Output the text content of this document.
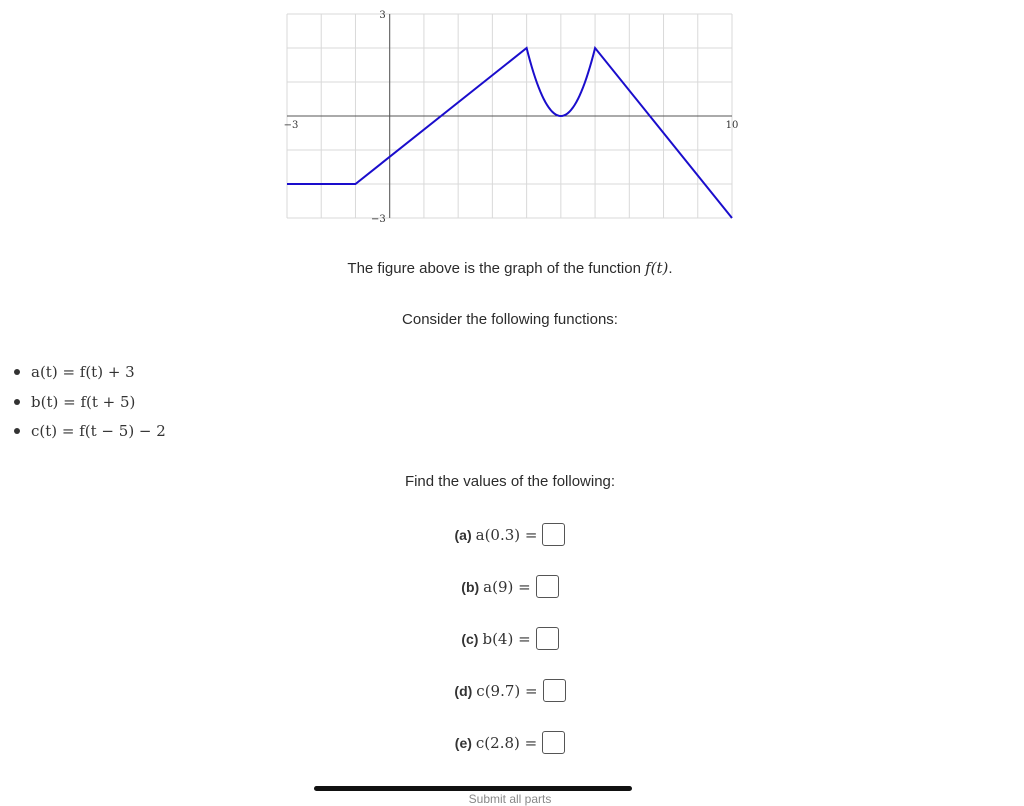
−3	10
3
−3
The figure above is the graph of the function f(t).
Consider the following functions:
a(t) = f(t) + 3
b(t) = f(t + 5)
c(t) = f(t − 5) − 2
Find the values of the following:
(a) a(0.3) =
(b) a(9) =
(c) b(4) =
(d) c(9.7) =
(e) c(2.8) =
Submit all parts
